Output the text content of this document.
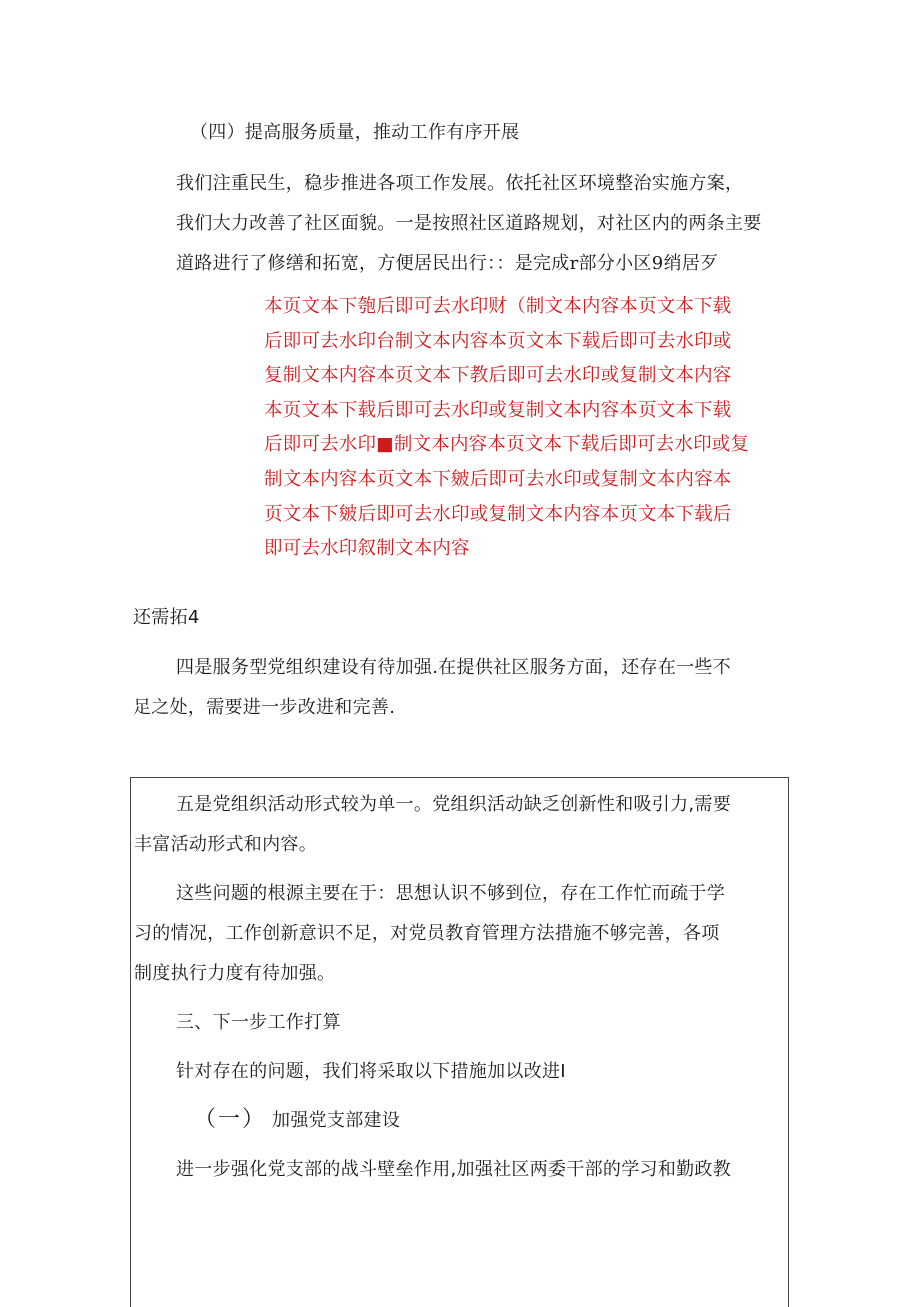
（四）提高服务质量，推动工作有序开展
我们注重民生，稳步推进各项工作发展。依托社区环境整治实施方案，
我们大力改善了社区面貌。一是按照社区道路规划，对社区内的两条主要
道路进行了修缮和拓宽，方便居民出行：：是完成r部分小区9绡居歹
本页文本下匏后即可去水印财（制文本内容本页文本下载
后即可去水印台制文本内容本页文本下载后即可去水印或
复制文本内容本页文本下教后即可去水印或复制文本内容
本页文本下载后即可去水印或复制文本内容本页文本下载
后即可去水印■制文本内容本页文本下载后即可去水印或复
制文本内容本页文本下皴后即可去水印或复制文本内容本
页文本下皴后即可去水印或复制文本内容本页文本下载后
即可去水印叙制文本内容
还需拓4
四是服务型党组织建设有待加强.在提供社区服务方面，还存在一些不
足之处，需要进一步改进和完善.
五是党组织活动形式较为单一。党组织活动缺乏创新性和吸引力,需要
丰富活动形式和内容。
这些问题的根源主要在于：思想认识不够到位，存在工作忙而疏于学
习的情况，工作创新意识不足，对党员教育管理方法措施不够完善，各项
制度执行力度有待加强。
三、下一步工作打算
针对存在的问题，我们将采取以下措施加以改进I
（一） 加强党支部建设
进一步强化党支部的战斗壁垒作用,加强社区两委干部的学习和勤政教
